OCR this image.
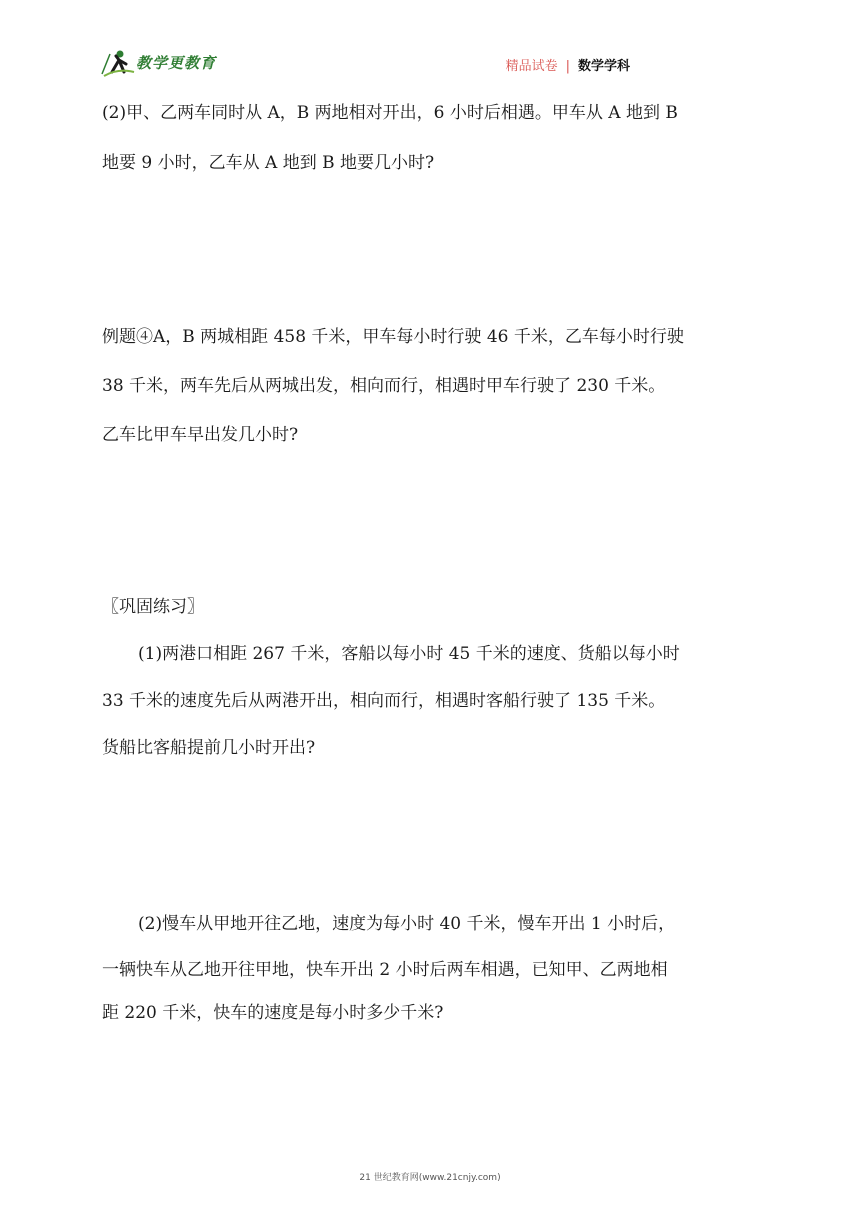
教学更教育	精品试卷 | 数学学科
(2)甲、乙两车同时从 A，B 两地相对开出，6 小时后相遇。甲车从 A 地到 B
地要 9 小时，乙车从 A 地到 B 地要几小时?
例题④A，B 两城相距 458 千米，甲车每小时行驶 46 千米，乙车每小时行驶
38 千米，两车先后从两城出发，相向而行，相遇时甲车行驶了 230 千米。
乙车比甲车早出发几小时?
〖巩固练习〗
(1)两港口相距 267 千米，客船以每小时 45 千米的速度、货船以每小时
33 千米的速度先后从两港开出，相向而行，相遇时客船行驶了 135 千米。
货船比客船提前几小时开出?
(2)慢车从甲地开往乙地，速度为每小时 40 千米，慢车开出 1 小时后，
一辆快车从乙地开往甲地，快车开出 2 小时后两车相遇，已知甲、乙两地相
距 220 千米，快车的速度是每小时多少千米?
21 世纪教育网(www.21cnjy.com)
